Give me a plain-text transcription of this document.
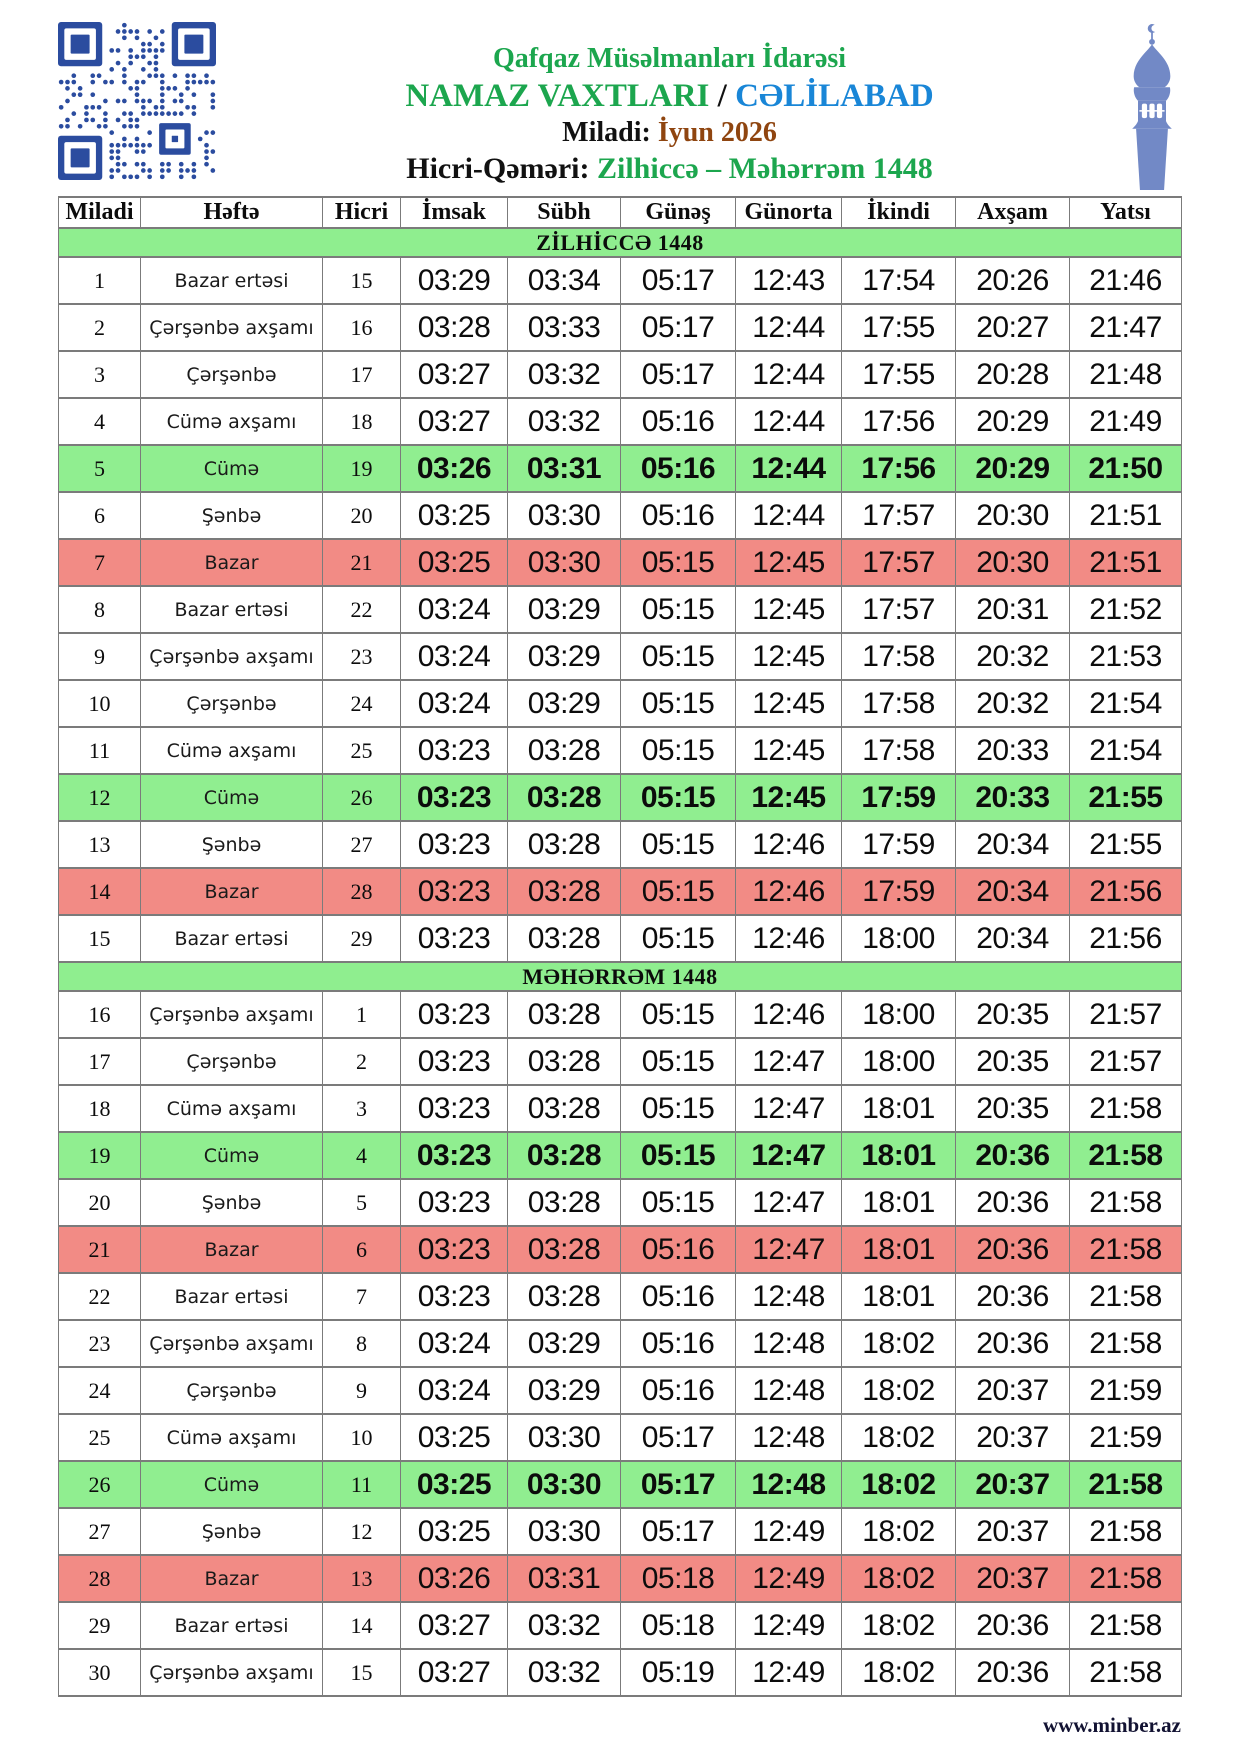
Qafqaz Müsəlmanları İdarəsi
NAMAZ VAXTLARI / CƏLİLABAD
Miladi: İyun 2026
Hicri-Qəməri: Zilhiccə – Məhərrəm 1448
Miladi	Həftə	Hicri	İmsak	Sübh	Günəş	Günorta	İkindi	Axşam	Yatsı
ZİLHİCCƏ 1448									
1	Bazar ertəsi	15	03:29	03:34	05:17	12:43	17:54	20:26	21:46
2	Çərşənbə axşamı	16	03:28	03:33	05:17	12:44	17:55	20:27	21:47
3	Çərşənbə	17	03:27	03:32	05:17	12:44	17:55	20:28	21:48
4	Cümə axşamı	18	03:27	03:32	05:16	12:44	17:56	20:29	21:49
5	Cümə	19	03:26	03:31	05:16	12:44	17:56	20:29	21:50
6	Şənbə	20	03:25	03:30	05:16	12:44	17:57	20:30	21:51
7	Bazar	21	03:25	03:30	05:15	12:45	17:57	20:30	21:51
8	Bazar ertəsi	22	03:24	03:29	05:15	12:45	17:57	20:31	21:52
9	Çərşənbə axşamı	23	03:24	03:29	05:15	12:45	17:58	20:32	21:53
10	Çərşənbə	24	03:24	03:29	05:15	12:45	17:58	20:32	21:54
11	Cümə axşamı	25	03:23	03:28	05:15	12:45	17:58	20:33	21:54
12	Cümə	26	03:23	03:28	05:15	12:45	17:59	20:33	21:55
13	Şənbə	27	03:23	03:28	05:15	12:46	17:59	20:34	21:55
14	Bazar	28	03:23	03:28	05:15	12:46	17:59	20:34	21:56
15	Bazar ertəsi	29	03:23	03:28	05:15	12:46	18:00	20:34	21:56
MƏHƏRRƏM 1448									
16	Çərşənbə axşamı	1	03:23	03:28	05:15	12:46	18:00	20:35	21:57
17	Çərşənbə	2	03:23	03:28	05:15	12:47	18:00	20:35	21:57
18	Cümə axşamı	3	03:23	03:28	05:15	12:47	18:01	20:35	21:58
19	Cümə	4	03:23	03:28	05:15	12:47	18:01	20:36	21:58
20	Şənbə	5	03:23	03:28	05:15	12:47	18:01	20:36	21:58
21	Bazar	6	03:23	03:28	05:16	12:47	18:01	20:36	21:58
22	Bazar ertəsi	7	03:23	03:28	05:16	12:48	18:01	20:36	21:58
23	Çərşənbə axşamı	8	03:24	03:29	05:16	12:48	18:02	20:36	21:58
24	Çərşənbə	9	03:24	03:29	05:16	12:48	18:02	20:37	21:59
25	Cümə axşamı	10	03:25	03:30	05:17	12:48	18:02	20:37	21:59
26	Cümə	11	03:25	03:30	05:17	12:48	18:02	20:37	21:58
27	Şənbə	12	03:25	03:30	05:17	12:49	18:02	20:37	21:58
28	Bazar	13	03:26	03:31	05:18	12:49	18:02	20:37	21:58
29	Bazar ertəsi	14	03:27	03:32	05:18	12:49	18:02	20:36	21:58
30	Çərşənbə axşamı	15	03:27	03:32	05:19	12:49	18:02	20:36	21:58
www.minber.az
